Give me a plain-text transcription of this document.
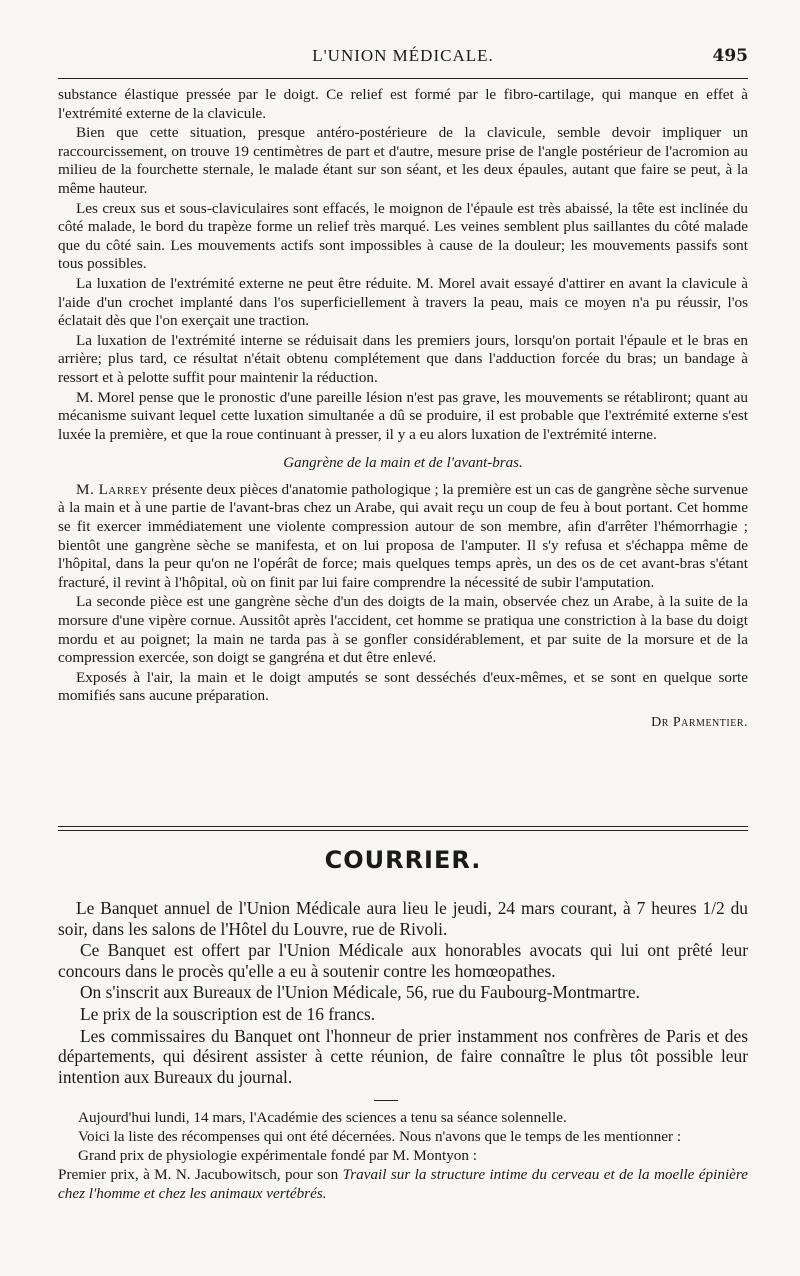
L'UNION MÉDICALE.	495

substance élastique pressée par le doigt. Ce relief est formé par le fibro-cartilage, qui manque en effet à l'extrémité externe de la clavicule.

Bien que cette situation, presque antéro-postérieure de la clavicule, semble devoir impliquer un raccourcissement, on trouve 19 centimètres de part et d'autre, mesure prise de l'angle postérieur de l'acromion au milieu de la fourchette sternale, le malade étant sur son séant, et les deux épaules, autant que faire se peut, à la même hauteur.

Les creux sus et sous-claviculaires sont effacés, le moignon de l'épaule est très abaissé, la tête est inclinée du côté malade, le bord du trapèze forme un relief très marqué. Les veines semblent plus saillantes du côté malade que du côté sain. Les mouvements actifs sont impossibles à cause de la douleur; les mouvements passifs sont tous possibles.

La luxation de l'extrémité externe ne peut être réduite. M. Morel avait essayé d'attirer en avant la clavicule à l'aide d'un crochet implanté dans l'os superficiellement à travers la peau, mais ce moyen n'a pu réussir, l'os éclatait dès que l'on exerçait une traction.

La luxation de l'extrémité interne se réduisait dans les premiers jours, lorsqu'on portait l'épaule et le bras en arrière; plus tard, ce résultat n'était obtenu complétement que dans l'adduction forcée du bras; un bandage à ressort et à pelotte suffit pour maintenir la réduction.

M. Morel pense que le pronostic d'une pareille lésion n'est pas grave, les mouvements se rétabliront; quant au mécanisme suivant lequel cette luxation simultanée a dû se produire, il est probable que l'extrémité externe s'est luxée la première, et que la roue continuant à presser, il y a eu alors luxation de l'extrémité interne.

Gangrène de la main et de l'avant-bras.

M. Larrey présente deux pièces d'anatomie pathologique ; la première est un cas de gangrène sèche survenue à la main et à une partie de l'avant-bras chez un Arabe, qui avait reçu un coup de feu à bout portant. Cet homme se fit exercer immédiatement une violente compression autour de son membre, afin d'arrêter l'hémorrhagie ; bientôt une gangrène sèche se manifesta, et on lui proposa de l'amputer. Il s'y refusa et s'échappa même de l'hôpital, dans la peur qu'on ne l'opérât de force; mais quelques temps après, un des os de cet avant-bras s'étant fracturé, il revint à l'hôpital, où on finit par lui faire comprendre la nécessité de subir l'amputation.

La seconde pièce est une gangrène sèche d'un des doigts de la main, observée chez un Arabe, à la suite de la morsure d'une vipère cornue. Aussitôt après l'accident, cet homme se pratiqua une constriction à la base du doigt mordu et au poignet; la main ne tarda pas à se gonfler considérablement, et par suite de la morsure et de la compression exercée, son doigt se gangréna et dut être enlevé.

Exposés à l'air, la main et le doigt amputés se sont desséchés d'eux-mêmes, et se sont en quelque sorte momifiés sans aucune préparation.

Dr Parmentier.
COURRIER.

Le Banquet annuel de l'Union Médicale aura lieu le jeudi, 24 mars courant, à 7 heures 1/2 du soir, dans les salons de l'Hôtel du Louvre, rue de Rivoli.

Ce Banquet est offert par l'Union Médicale aux honorables avocats qui lui ont prêté leur concours dans le procès qu'elle a eu à soutenir contre les homœopathes.

On s'inscrit aux Bureaux de l'Union Médicale, 56, rue du Faubourg-Montmartre.

Le prix de la souscription est de 16 francs.

Les commissaires du Banquet ont l'honneur de prier instamment nos confrères de Paris et des départements, qui désirent assister à cette réunion, de faire connaître le plus tôt possible leur intention aux Bureaux du journal.

Aujourd'hui lundi, 14 mars, l'Académie des sciences a tenu sa séance solennelle.

Voici la liste des récompenses qui ont été décernées. Nous n'avons que le temps de les mentionner :

Grand prix de physiologie expérimentale fondé par M. Montyon :

Premier prix, à M. N. Jacubowitsch, pour son Travail sur la structure intime du cerveau et de la moelle épinière chez l'homme et chez les animaux vertébrés.
